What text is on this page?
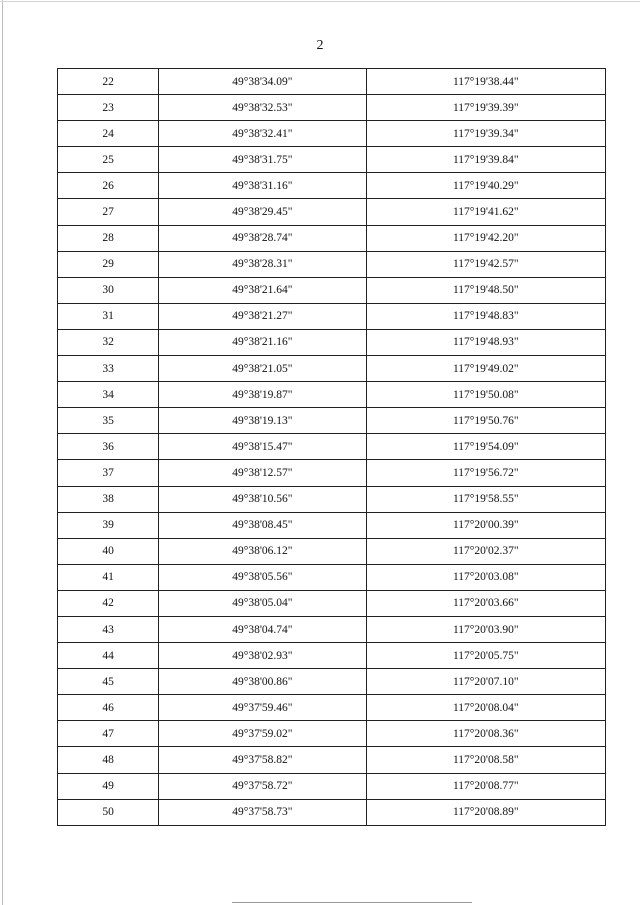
2
22	49°38'34.09"	117°19'38.44"
23	49°38'32.53"	117°19'39.39"
24	49°38'32.41"	117°19'39.34"
25	49°38'31.75"	117°19'39.84"
26	49°38'31.16"	117°19'40.29"
27	49°38'29.45"	117°19'41.62"
28	49°38'28.74"	117°19'42.20"
29	49°38'28.31"	117°19'42.57"
30	49°38'21.64"	117°19'48.50"
31	49°38'21.27"	117°19'48.83"
32	49°38'21.16"	117°19'48.93"
33	49°38'21.05"	117°19'49.02"
34	49°38'19.87"	117°19'50.08"
35	49°38'19.13"	117°19'50.76"
36	49°38'15.47"	117°19'54.09"
37	49°38'12.57"	117°19'56.72"
38	49°38'10.56"	117°19'58.55"
39	49°38'08.45"	117°20'00.39"
40	49°38'06.12"	117°20'02.37"
41	49°38'05.56"	117°20'03.08"
42	49°38'05.04"	117°20'03.66"
43	49°38'04.74"	117°20'03.90"
44	49°38'02.93"	117°20'05.75"
45	49°38'00.86"	117°20'07.10"
46	49°37'59.46"	117°20'08.04"
47	49°37'59.02"	117°20'08.36"
48	49°37'58.82"	117°20'08.58"
49	49°37'58.72"	117°20'08.77"
50	49°37'58.73"	117°20'08.89"
